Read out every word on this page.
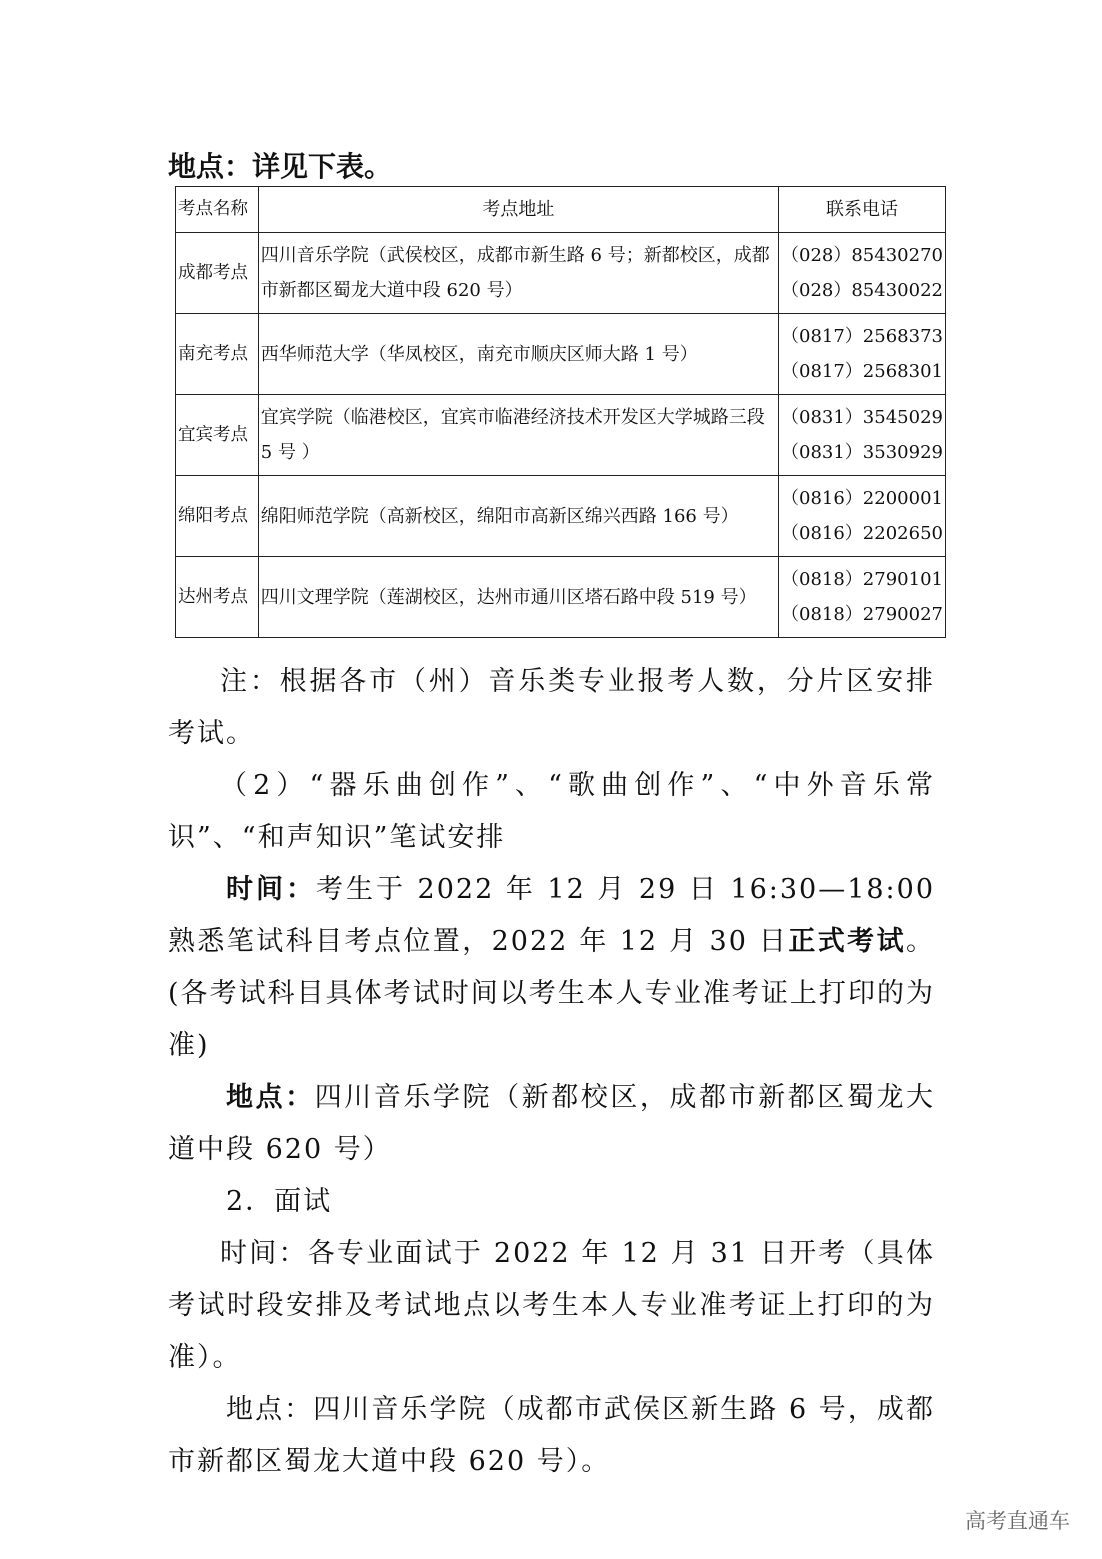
地点：详见下表。
考点名称	考点地址	联系电话
成都考点	四川音乐学院（武侯校区，成都市新生路 6 号；新都校区，成都市新都区蜀龙大道中段 620 号）	（028）85430270
（028）85430022

南充考点	西华师范大学（华凤校区，南充市顺庆区师大路 1 号）	（0817）2568373
（0817）2568301

宜宾考点	宜宾学院（临港校区，宜宾市临港经济技术开发区大学城路三段 5 号 ）	（0831）3545029
（0831）3530929

绵阳考点	绵阳师范学院（高新校区，绵阳市高新区绵兴西路 166 号）	（0816）2200001
（0816）2202650

达州考点	四川文理学院（莲湖校区，达州市通川区塔石路中段 519 号）	（0818）2790101
（0818）2790027

注：根据各市（州）音乐类专业报考人数，分片区安排考试。

（2）“器乐曲创作”、“歌曲创作”、“中外音乐常识”、“和声知识”笔试安排

时间：考生于 2022 年 12 月 29 日 16:30—18:00 熟悉笔试科目考点位置，2022 年 12 月 30 日正式考试。(各考试科目具体考试时间以考生本人专业准考证上打印的为准)

地点：四川音乐学院（新都校区，成都市新都区蜀龙大道中段 620 号）

2．面试

时间：各专业面试于 2022 年 12 月 31 日开考（具体考试时段安排及考试地点以考生本人专业准考证上打印的为准）。

地点：四川音乐学院（成都市武侯区新生路 6 号，成都市新都区蜀龙大道中段 620 号）。

高考直通车
